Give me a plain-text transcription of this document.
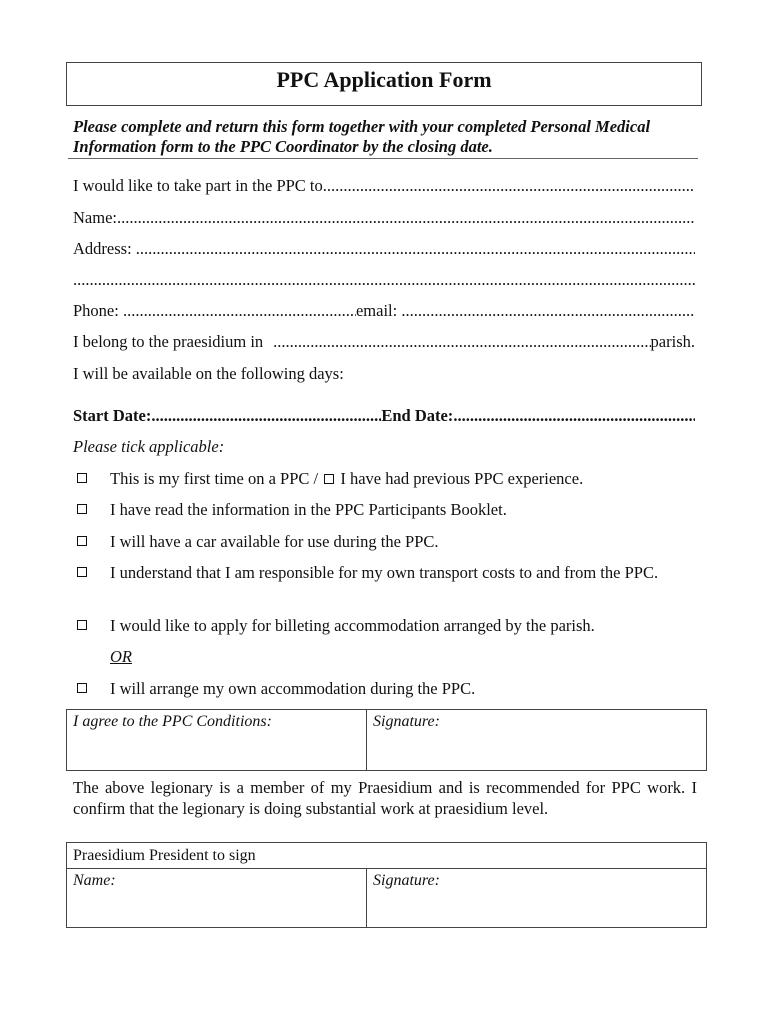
PPC Application Form
Please complete and return this form together with your completed Personal Medical Information form to the PPC Coordinator by the closing date.
I would like to take part in the PPC to
.....
Name:
.....
Address:

.....
.....
Phone:
.....	email:

.....
I belong to the praesidium in .....	parish.
I will be available on the following days:
Start Date: .....	End Date:
.....
Please tick applicable:
This is my first time on a PPC / I have had previous PPC experience.
I have read the information in the PPC Participants Booklet.
I will have a car available for use during the PPC.
I understand that I am responsible for my own transport costs to and from the PPC.
I would like to apply for billeting accommodation arranged by the parish.
OR
I will arrange my own accommodation during the PPC.
I agree to the PPC Conditions:	Signature:
The above legionary is a member of my Praesidium and is recommended for PPC work. I confirm that the legionary is doing substantial work at praesidium level.
Praesidium President to sign
Name:	Signature:
